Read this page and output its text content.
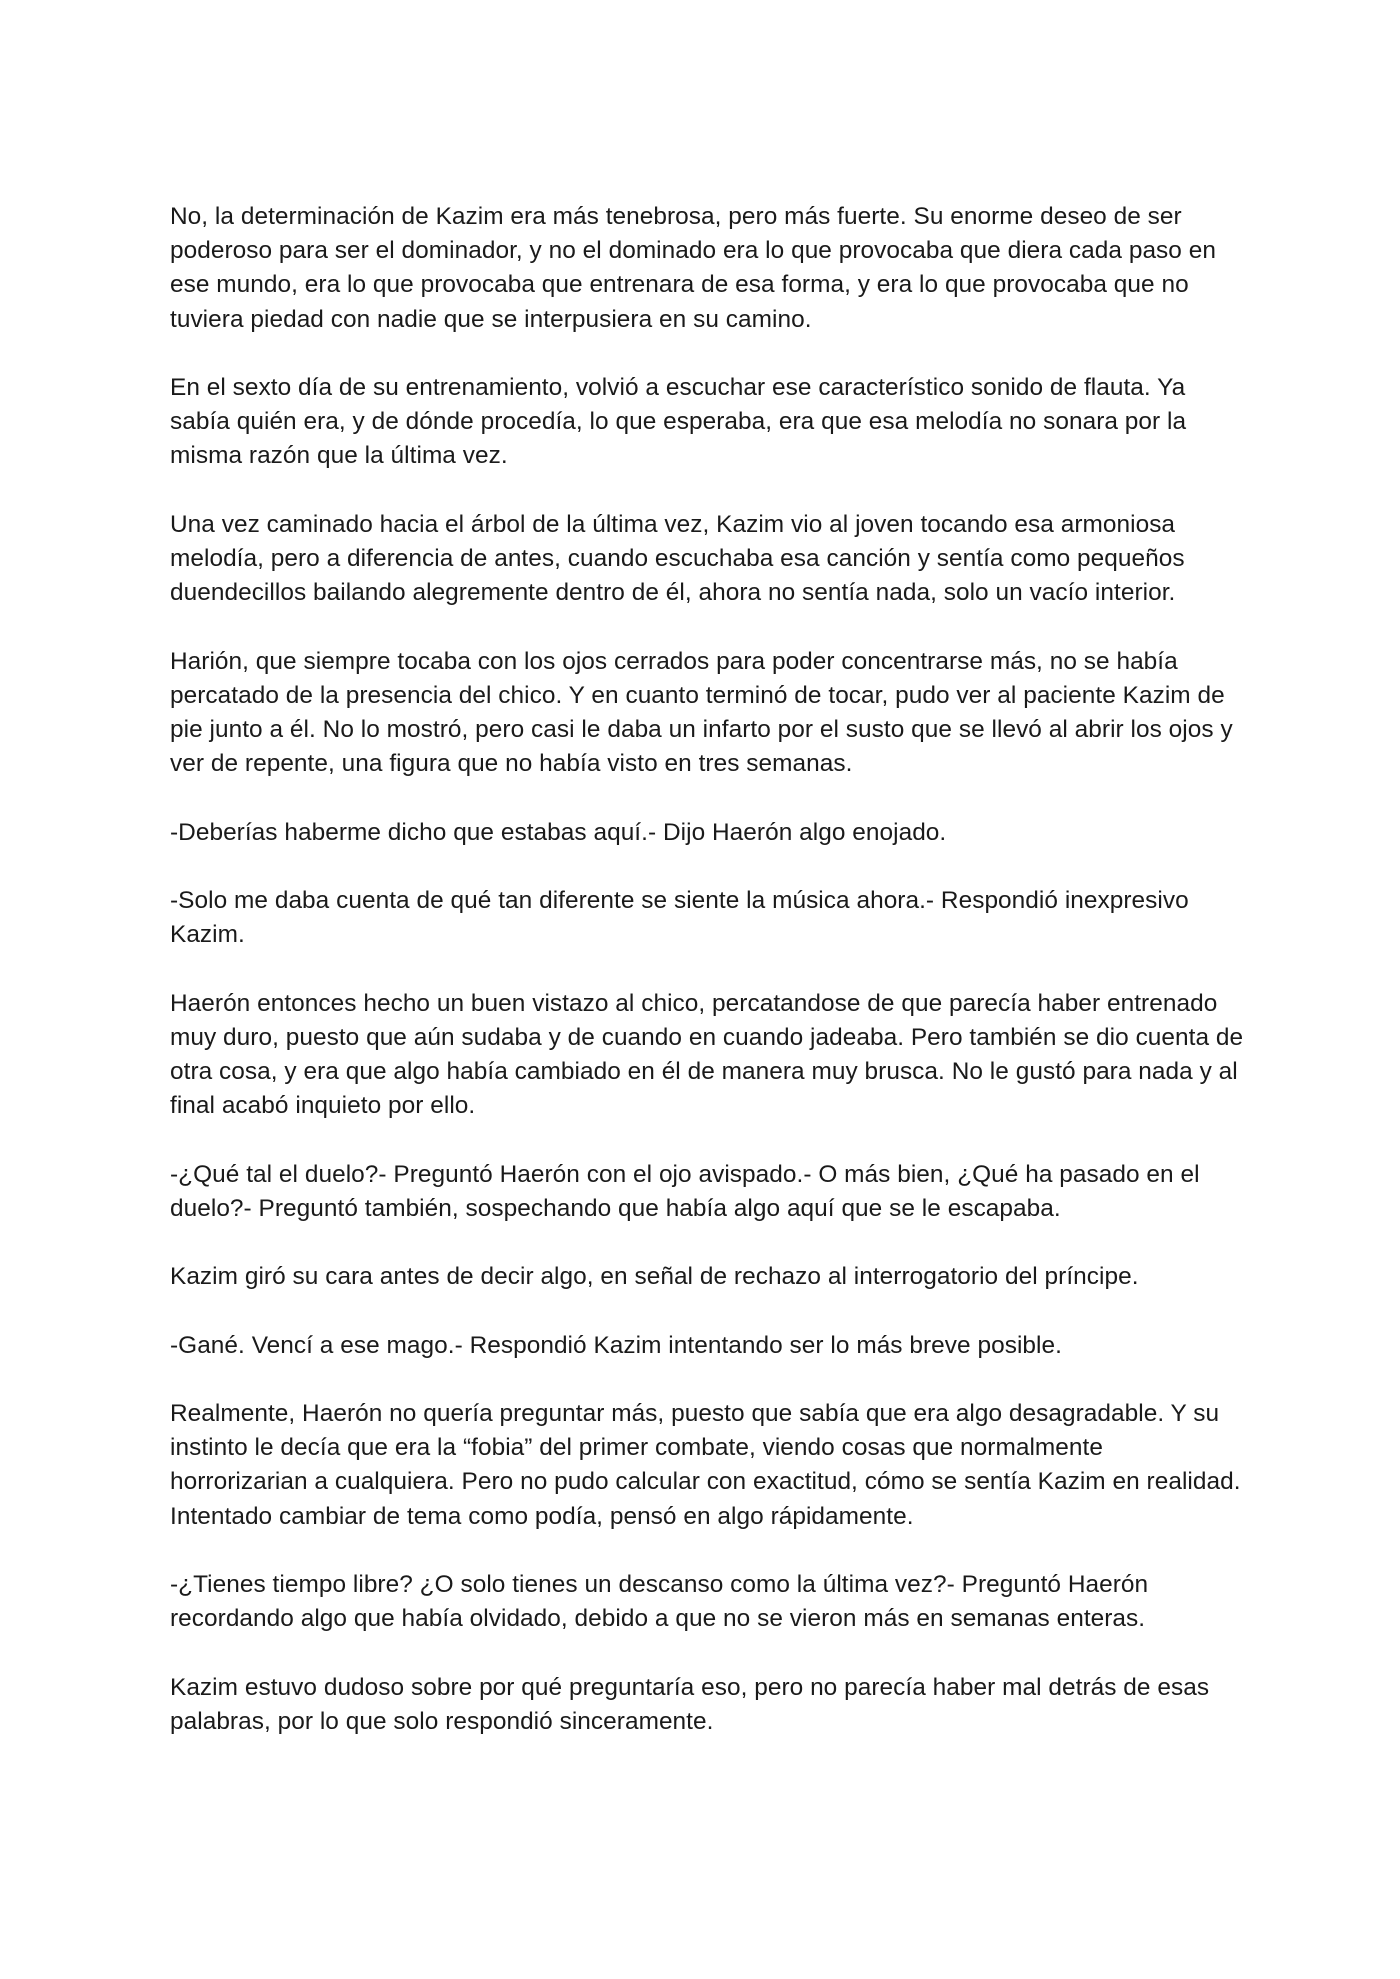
No, la determinación de Kazim era más tenebrosa, pero más fuerte. Su enorme deseo de ser poderoso para ser el dominador, y no el dominado era lo que provocaba que diera cada paso en ese mundo, era lo que provocaba que entrenara de esa forma, y era lo que provocaba que no tuviera piedad con nadie que se interpusiera en su camino.

En el sexto día de su entrenamiento, volvió a escuchar ese característico sonido de flauta. Ya sabía quién era, y de dónde procedía, lo que esperaba, era que esa melodía no sonara por la misma razón que la última vez.

Una vez caminado hacia el árbol de la última vez, Kazim vio al joven tocando esa armoniosa melodía, pero a diferencia de antes, cuando escuchaba esa canción y sentía como pequeños duendecillos bailando alegremente dentro de él, ahora no sentía nada, solo un vacío interior.

Harión, que siempre tocaba con los ojos cerrados para poder concentrarse más, no se había percatado de la presencia del chico. Y en cuanto terminó de tocar, pudo ver al paciente Kazim de pie junto a él. No lo mostró, pero casi le daba un infarto por el susto que se llevó al abrir los ojos y ver de repente, una figura que no había visto en tres semanas.

-Deberías haberme dicho que estabas aquí.- Dijo Haerón algo enojado.

-Solo me daba cuenta de qué tan diferente se siente la música ahora.- Respondió inexpresivo Kazim.

Haerón entonces hecho un buen vistazo al chico, percatandose de que parecía haber entrenado muy duro, puesto que aún sudaba y de cuando en cuando jadeaba. Pero también se dio cuenta de otra cosa, y era que algo había cambiado en él de manera muy brusca. No le gustó para nada y al final acabó inquieto por ello.

-¿Qué tal el duelo?- Preguntó Haerón con el ojo avispado.- O más bien, ¿Qué ha pasado en el duelo?- Preguntó también, sospechando que había algo aquí que se le escapaba.

Kazim giró su cara antes de decir algo, en señal de rechazo al interrogatorio del príncipe.

-Gané. Vencí a ese mago.- Respondió Kazim intentando ser lo más breve posible.

Realmente, Haerón no quería preguntar más, puesto que sabía que era algo desagradable. Y su instinto le decía que era la “fobia” del primer combate, viendo cosas que normalmente horrorizarian a cualquiera. Pero no pudo calcular con exactitud, cómo se sentía Kazim en realidad. Intentado cambiar de tema como podía, pensó en algo rápidamente.

-¿Tienes tiempo libre? ¿O solo tienes un descanso como la última vez?- Preguntó Haerón recordando algo que había olvidado, debido a que no se vieron más en semanas enteras.

Kazim estuvo dudoso sobre por qué preguntaría eso, pero no parecía haber mal detrás de esas palabras, por lo que solo respondió sinceramente.
